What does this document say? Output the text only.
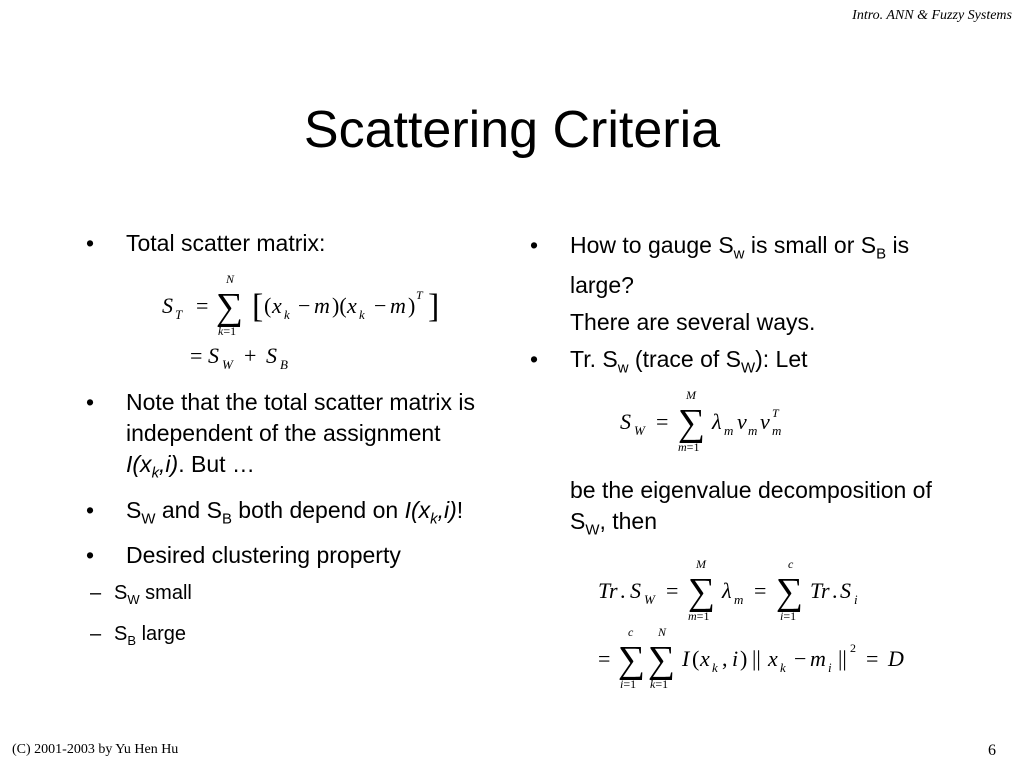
Intro. ANN & Fuzzy Systems
Scattering Criteria
• Total scatter matrix:
S T = ∑
N
k=1
[ ( x k − m )( x k − m ) T ]
= S W + S B
• Note that the total scatter matrix is independent of the assignment $I(x_k,i)$. But …
• $S_W$ and $S_B$ both depend on $I(x_k,i)$!
• Desired clustering property
– $S_W$ small
– $S_B$ large
• How to gauge $S_w$ is small or $S_B$ is large?
There are several ways.
• Tr. $S_w$ (trace of $S_W$): Let
S W = ∑
M
m=1
λ m v m v T
m
be the eigenvalue decomposition of $S_W$, then
Tr . S W = ∑
M
m=1
λ m = ∑
c
i=1
Tr . S i
= ∑
c
i=1
∑
N
k=1
I ( x k , i ) || x k − m i || 2 = D
(C) 2001-2003 by Yu Hen Hu	6
